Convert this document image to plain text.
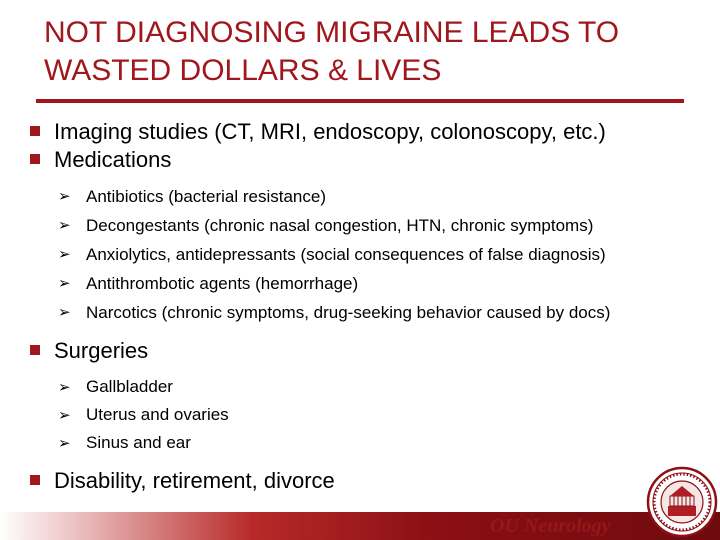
NOT DIAGNOSING MIGRAINE LEADS TO
WASTED DOLLARS & LIVES
Imaging studies (CT, MRI, endoscopy, colonoscopy, etc.)
Medications
➢ Antibiotics (bacterial resistance)
➢ Decongestants (chronic nasal congestion, HTN, chronic symptoms)
➢ Anxiolytics, antidepressants (social consequences of false diagnosis)
➢ Antithrombotic agents (hemorrhage)
➢ Narcotics (chronic symptoms, drug-seeking behavior caused by docs)
Surgeries
➢ Gallbladder
➢ Uterus and ovaries
➢ Sinus and ear
Disability, retirement, divorce
OU Neurology
